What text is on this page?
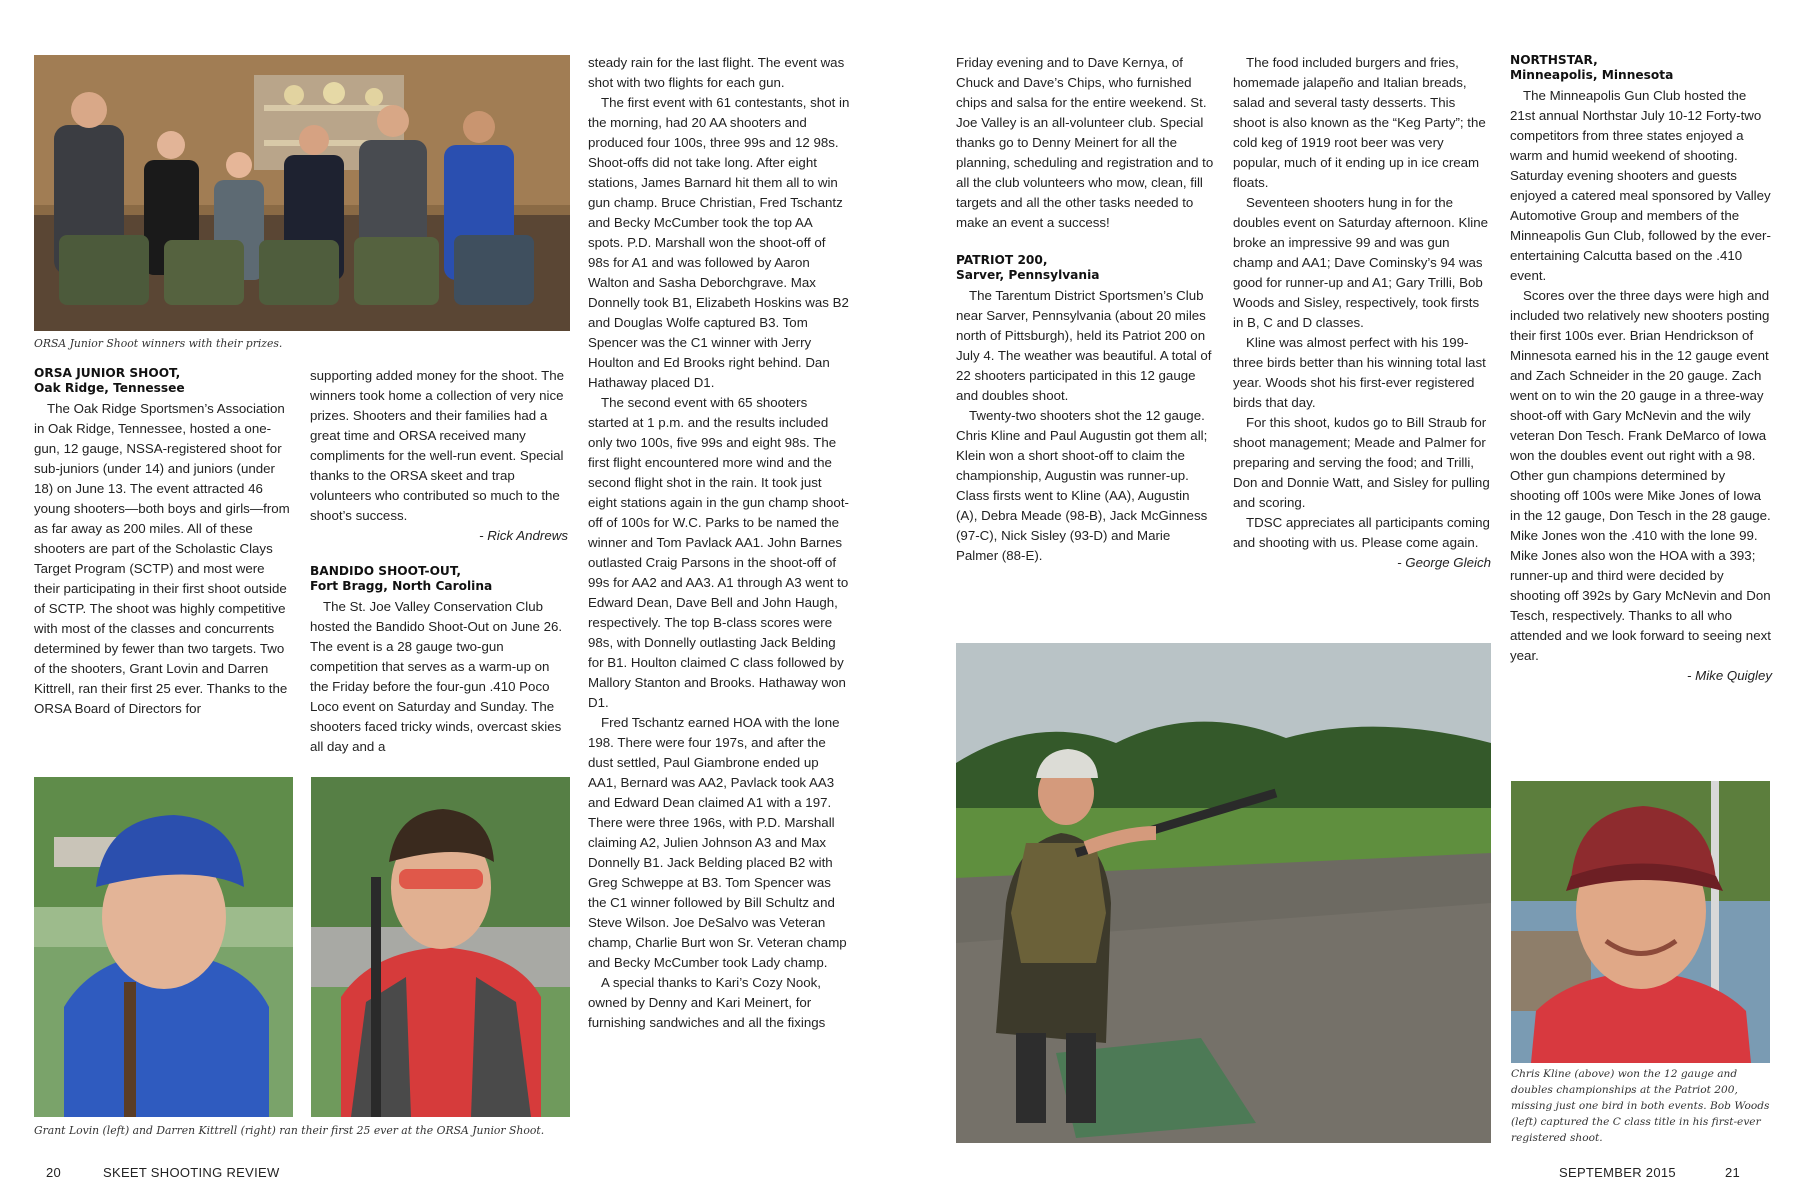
ORSA Junior Shoot winners with their prizes.
ORSA JUNIOR SHOOT,
Oak Ridge, Tennessee

The Oak Ridge Sportsmen’s Association in Oak Ridge, Tennessee, hosted a one-gun, 12 gauge, NSSA-registered shoot for sub-juniors (under 14) and juniors (under 18) on June 13. The event attracted 46 young shooters—both boys and girls—from as far away as 200 miles. All of these shooters are part of the Scholastic Clays Target Program (SCTP) and most were their participating in their first shoot outside of SCTP. The shoot was highly competitive with most of the classes and concurrents determined by fewer than two targets. Two of the shooters, Grant Lovin and Darren Kittrell, ran their first 25 ever. Thanks to the ORSA Board of Directors for

supporting added money for the shoot. The winners took home a collection of very nice prizes. Shooters and their families had a great time and ORSA received many compliments for the well-run event. Special thanks to the ORSA skeet and trap volunteers who contributed so much to the shoot’s success.

- Rick Andrews

BANDIDO SHOOT-OUT,
Fort Bragg, North Carolina

The St. Joe Valley Conservation Club hosted the Bandido Shoot-Out on June 26. The event is a 28 gauge two-gun competition that serves as a warm-up on the Friday before the four-gun .410 Poco Loco event on Saturday and Sunday. The shooters faced tricky winds, overcast skies all day and a

steady rain for the last flight. The event was shot with two flights for each gun.

The first event with 61 contestants, shot in the morning, had 20 AA shooters and produced four 100s, three 99s and 12 98s. Shoot-offs did not take long. After eight stations, James Barnard hit them all to win gun champ. Bruce Christian, Fred Tschantz and Becky McCumber took the top AA spots. P.D. Marshall won the shoot-off of 98s for A1 and was followed by Aaron Walton and Sasha Deborchgrave. Max Donnelly took B1, Elizabeth Hoskins was B2 and Douglas Wolfe captured B3. Tom Spencer was the C1 winner with Jerry Houlton and Ed Brooks right behind. Dan Hathaway placed D1.

The second event with 65 shooters started at 1 p.m. and the results included only two 100s, five 99s and eight 98s. The first flight encountered more wind and the second flight shot in the rain. It took just eight stations again in the gun champ shoot-off of 100s for W.C. Parks to be named the winner and Tom Pavlack AA1. John Barnes outlasted Craig Parsons in the shoot-off of 99s for AA2 and AA3. A1 through A3 went to Edward Dean, Dave Bell and John Haugh, respectively. The top B-class scores were 98s, with Donnelly outlasting Jack Belding for B1. Houlton claimed C class followed by Mallory Stanton and Brooks. Hathaway won D1.

Fred Tschantz earned HOA with the lone 198. There were four 197s, and after the dust settled, Paul Giambrone ended up AA1, Bernard was AA2, Pavlack took AA3 and Edward Dean claimed A1 with a 197. There were three 196s, with P.D. Marshall claiming A2, Julien Johnson A3 and Max Donnelly B1. Jack Belding placed B2 with Greg Schweppe at B3. Tom Spencer was the C1 winner followed by Bill Schultz and Steve Wilson. Joe DeSalvo was Veteran champ, Charlie Burt won Sr. Veteran champ and Becky McCumber took Lady champ.

A special thanks to Kari’s Cozy Nook, owned by Denny and Kari Meinert, for furnishing sandwiches and all the fixings

Grant Lovin (left) and Darren Kittrell (right) ran their first 25 ever at the ORSA Junior Shoot.
20	SKEET SHOOTING REVIEW

Friday evening and to Dave Kernya, of Chuck and Dave’s Chips, who furnished chips and salsa for the entire weekend. St. Joe Valley is an all-volunteer club. Special thanks go to Denny Meinert for all the planning, scheduling and registration and to all the club volunteers who mow, clean, fill targets and all the other tasks needed to make an event a success!

PATRIOT 200,
Sarver, Pennsylvania

The Tarentum District Sportsmen’s Club near Sarver, Pennsylvania (about 20 miles north of Pittsburgh), held its Patriot 200 on July 4. The weather was beautiful. A total of 22 shooters participated in this 12 gauge and doubles shoot.

Twenty-two shooters shot the 12 gauge. Chris Kline and Paul Augustin got them all; Klein won a short shoot-off to claim the championship, Augustin was runner-up. Class firsts went to Kline (AA), Augustin (A), Debra Meade (98-B), Jack McGinness (97-C), Nick Sisley (93-D) and Marie Palmer (88-E).

The food included burgers and fries, homemade jalapeño and Italian breads, salad and several tasty desserts. This shoot is also known as the “Keg Party”; the cold keg of 1919 root beer was very popular, much of it ending up in ice cream floats.

Seventeen shooters hung in for the doubles event on Saturday afternoon. Kline broke an impressive 99 and was gun champ and AA1; Dave Cominsky’s 94 was good for runner-up and A1; Gary Trilli, Bob Woods and Sisley, respectively, took firsts in B, C and D classes.

Kline was almost perfect with his 199- three birds better than his winning total last year. Woods shot his first-ever registered birds that day.

For this shoot, kudos go to Bill Straub for shoot management; Meade and Palmer for preparing and serving the food; and Trilli, Don and Donnie Watt, and Sisley for pulling and scoring.

TDSC appreciates all participants coming and shooting with us. Please come again.

- George Gleich

NORTHSTAR,
Minneapolis, Minnesota

The Minneapolis Gun Club hosted the 21st annual Northstar July 10-12 Forty-two competitors from three states enjoyed a warm and humid weekend of shooting. Saturday evening shooters and guests enjoyed a catered meal sponsored by Valley Automotive Group and members of the Minneapolis Gun Club, followed by the ever-entertaining Calcutta based on the .410 event.

Scores over the three days were high and included two relatively new shooters posting their first 100s ever. Brian Hendrickson of Minnesota earned his in the 12 gauge event and Zach Schneider in the 20 gauge. Zach went on to win the 20 gauge in a three-way shoot-off with Gary McNevin and the wily veteran Don Tesch. Frank DeMarco of Iowa won the doubles event out right with a 98. Other gun champions determined by shooting off 100s were Mike Jones of Iowa in the 12 gauge, Don Tesch in the 28 gauge. Mike Jones won the .410 with the lone 99. Mike Jones also won the HOA with a 393; runner-up and third were decided by shooting off 392s by Gary McNevin and Don Tesch, respectively. Thanks to all who attended and we look forward to seeing next year.

- Mike Quigley

Chris Kline (above) won the 12 gauge and doubles championships at the Patriot 200, missing just one bird in both events. Bob Woods (left) captured the C class title in his first-ever registered shoot.
SEPTEMBER 2015	21
